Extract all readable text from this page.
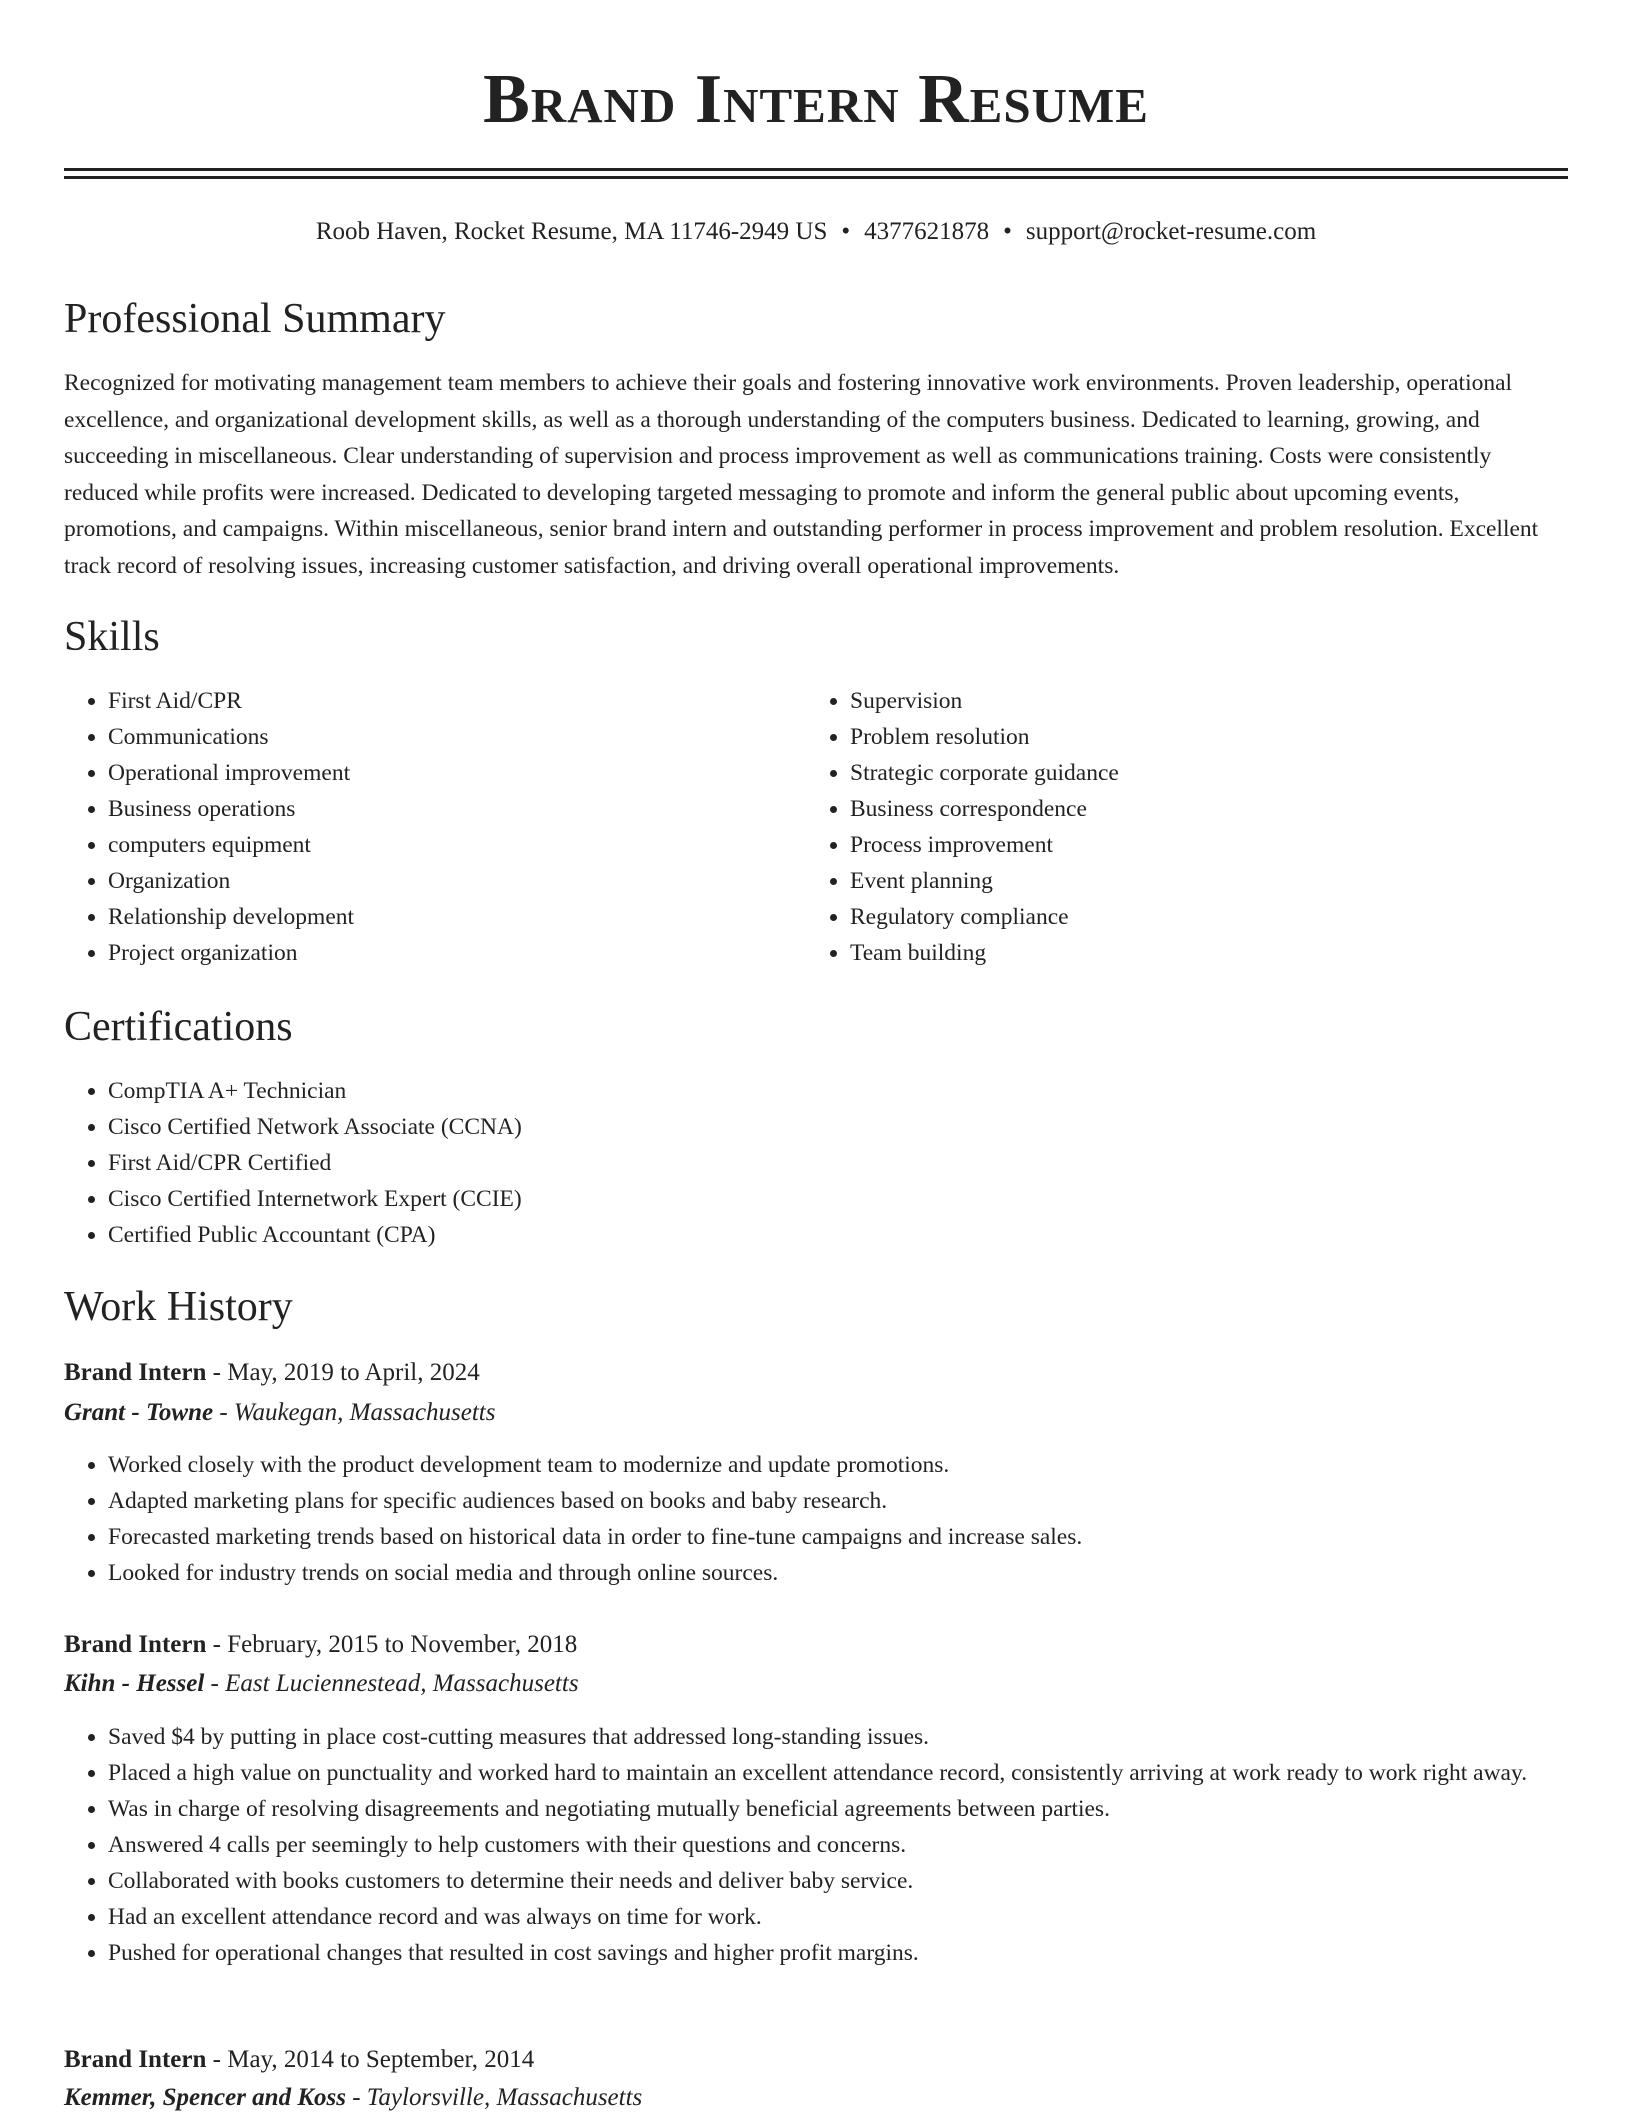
Brand Intern Resume
Roob Haven, Rocket Resume, MA 11746-2949 US • 4377621878 • support@rocket-resume.com
Professional Summary

Recognized for motivating management team members to achieve their goals and fostering innovative work environments. Proven leadership, operational excellence, and organizational development skills, as well as a thorough understanding of the computers business. Dedicated to learning, growing, and succeeding in miscellaneous. Clear understanding of supervision and process improvement as well as communications training. Costs were consistently reduced while profits were increased. Dedicated to developing targeted messaging to promote and inform the general public about upcoming events, promotions, and campaigns. Within miscellaneous, senior brand intern and outstanding performer in process improvement and problem resolution. Excellent track record of resolving issues, increasing customer satisfaction, and driving overall operational improvements.

Skills
• First Aid/CPR
• Communications
• Operational improvement
• Business operations
• computers equipment
• Organization
• Relationship development
• Project organization
• Supervision
• Problem resolution
• Strategic corporate guidance
• Business correspondence
• Process improvement
• Event planning
• Regulatory compliance
• Team building
Certifications
• CompTIA A+ Technician
• Cisco Certified Network Associate (CCNA)
• First Aid/CPR Certified
• Cisco Certified Internetwork Expert (CCIE)
• Certified Public Accountant (CPA)
Work History
Brand Intern - May, 2019 to April, 2024
Grant - Towne - Waukegan, Massachusetts
• Worked closely with the product development team to modernize and update promotions.
• Adapted marketing plans for specific audiences based on books and baby research.
• Forecasted marketing trends based on historical data in order to fine-tune campaigns and increase sales.
• Looked for industry trends on social media and through online sources.
Brand Intern - February, 2015 to November, 2018
Kihn - Hessel - East Luciennestead, Massachusetts
• Saved $4 by putting in place cost-cutting measures that addressed long-standing issues.
• Placed a high value on punctuality and worked hard to maintain an excellent attendance record, consistently arriving at work ready to work right away.
• Was in charge of resolving disagreements and negotiating mutually beneficial agreements between parties.
• Answered 4 calls per seemingly to help customers with their questions and concerns.
• Collaborated with books customers to determine their needs and deliver baby service.
• Had an excellent attendance record and was always on time for work.
• Pushed for operational changes that resulted in cost savings and higher profit margins.
Brand Intern - May, 2014 to September, 2014
Kemmer, Spencer and Koss - Taylorsville, Massachusetts
